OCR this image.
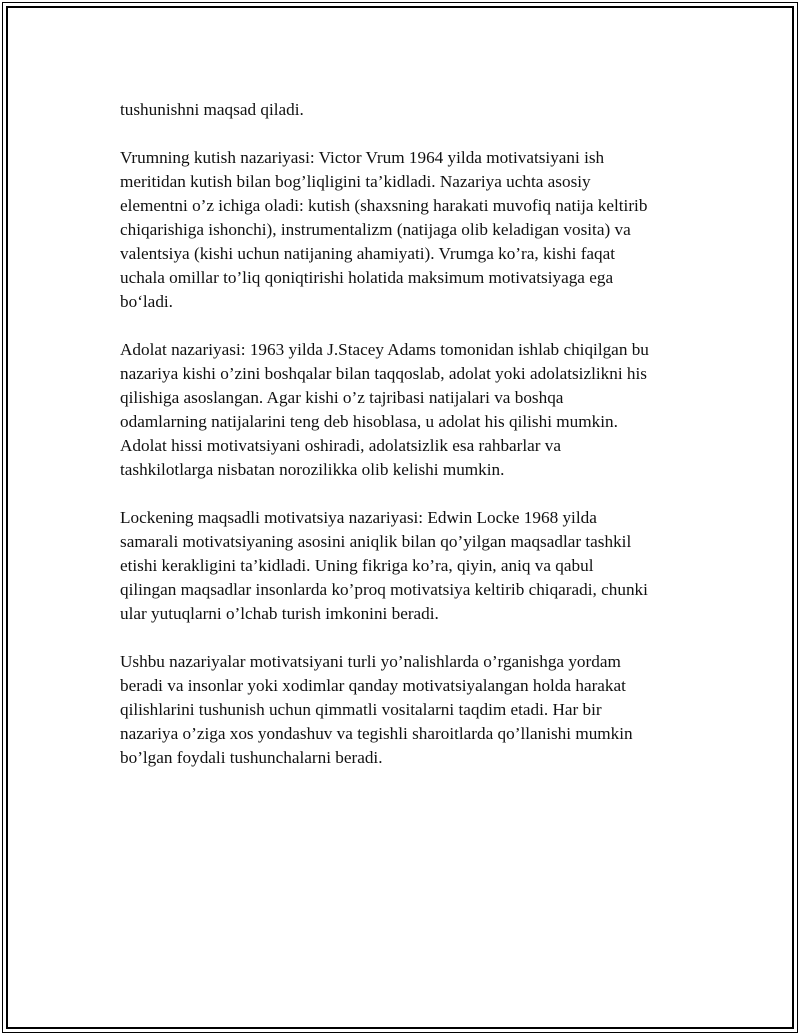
tushunishni maqsad qiladi.

Vrumning kutish nazariyasi: Victor Vrum 1964 yilda motivatsiyani ish
meritidan kutish bilan bog’liqligini ta’kidladi. Nazariya uchta asosiy
elementni o’z ichiga oladi: kutish (shaxsning harakati muvofiq natija keltirib
chiqarishiga ishonchi), instrumentalizm (natijaga olib keladigan vosita) va
valentsiya (kishi uchun natijaning ahamiyati). Vrumga ko’ra, kishi faqat
uchala omillar to’liq qoniqtirishi holatida maksimum motivatsiyaga ega
bo‘ladi.

Adolat nazariyasi: 1963 yilda J.Stacey Adams tomonidan ishlab chiqilgan bu
nazariya kishi o’zini boshqalar bilan taqqoslab, adolat yoki adolatsizlikni his
qilishiga asoslangan. Agar kishi o’z tajribasi natijalari va boshqa
odamlarning natijalarini teng deb hisoblasa, u adolat his qilishi mumkin.
Adolat hissi motivatsiyani oshiradi, adolatsizlik esa rahbarlar va
tashkilotlarga nisbatan norozilikka olib kelishi mumkin.

Lockening maqsadli motivatsiya nazariyasi: Edwin Locke 1968 yilda
samarali motivatsiyaning asosini aniqlik bilan qo’yilgan maqsadlar tashkil
etishi kerakligini ta’kidladi. Uning fikriga ko’ra, qiyin, aniq va qabul
qilingan maqsadlar insonlarda ko’proq motivatsiya keltirib chiqaradi, chunki
ular yutuqlarni o’lchab turish imkonini beradi.

Ushbu nazariyalar motivatsiyani turli yo’nalishlarda o’rganishga yordam
beradi va insonlar yoki xodimlar qanday motivatsiyalangan holda harakat
qilishlarini tushunish uchun qimmatli vositalarni taqdim etadi. Har bir
nazariya o’ziga xos yondashuv va tegishli sharoitlarda qo’llanishi mumkin
bo’lgan foydali tushunchalarni beradi.
